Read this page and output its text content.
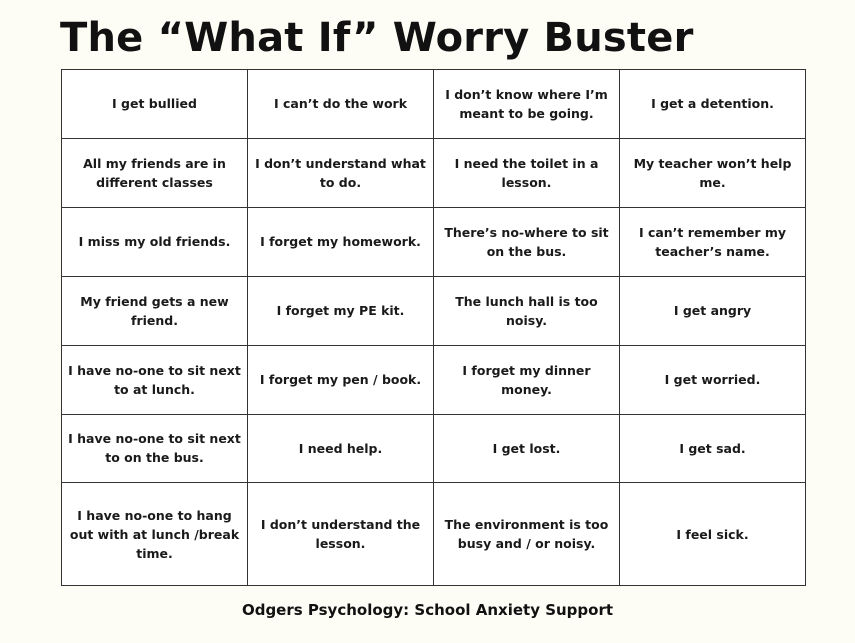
The “What If” Worry Buster
I get bullied	I can’t do the work	I don’t know where I’m meant to be going.	I get a detention.
All my friends are in different classes	I don’t understand what to do.	I need the toilet in a lesson.	My teacher won’t help me.
I miss my old friends.	I forget my homework.	There’s no-where to sit on the bus.	I can’t remember my teacher’s name.
My friend gets a new friend.	I forget my PE kit.	The lunch hall is too noisy.	I get angry
I have no-one to sit next to at lunch.	I forget my pen / book.	I forget my dinner money.	I get worried.
I have no-one to sit next to on the bus.	I need help.	I get lost.	I get sad.
I have no-one to hang out with at lunch /break time.	I don’t understand the lesson.	The environment is too busy and / or noisy.	I feel sick.
Odgers Psychology: School Anxiety Support
